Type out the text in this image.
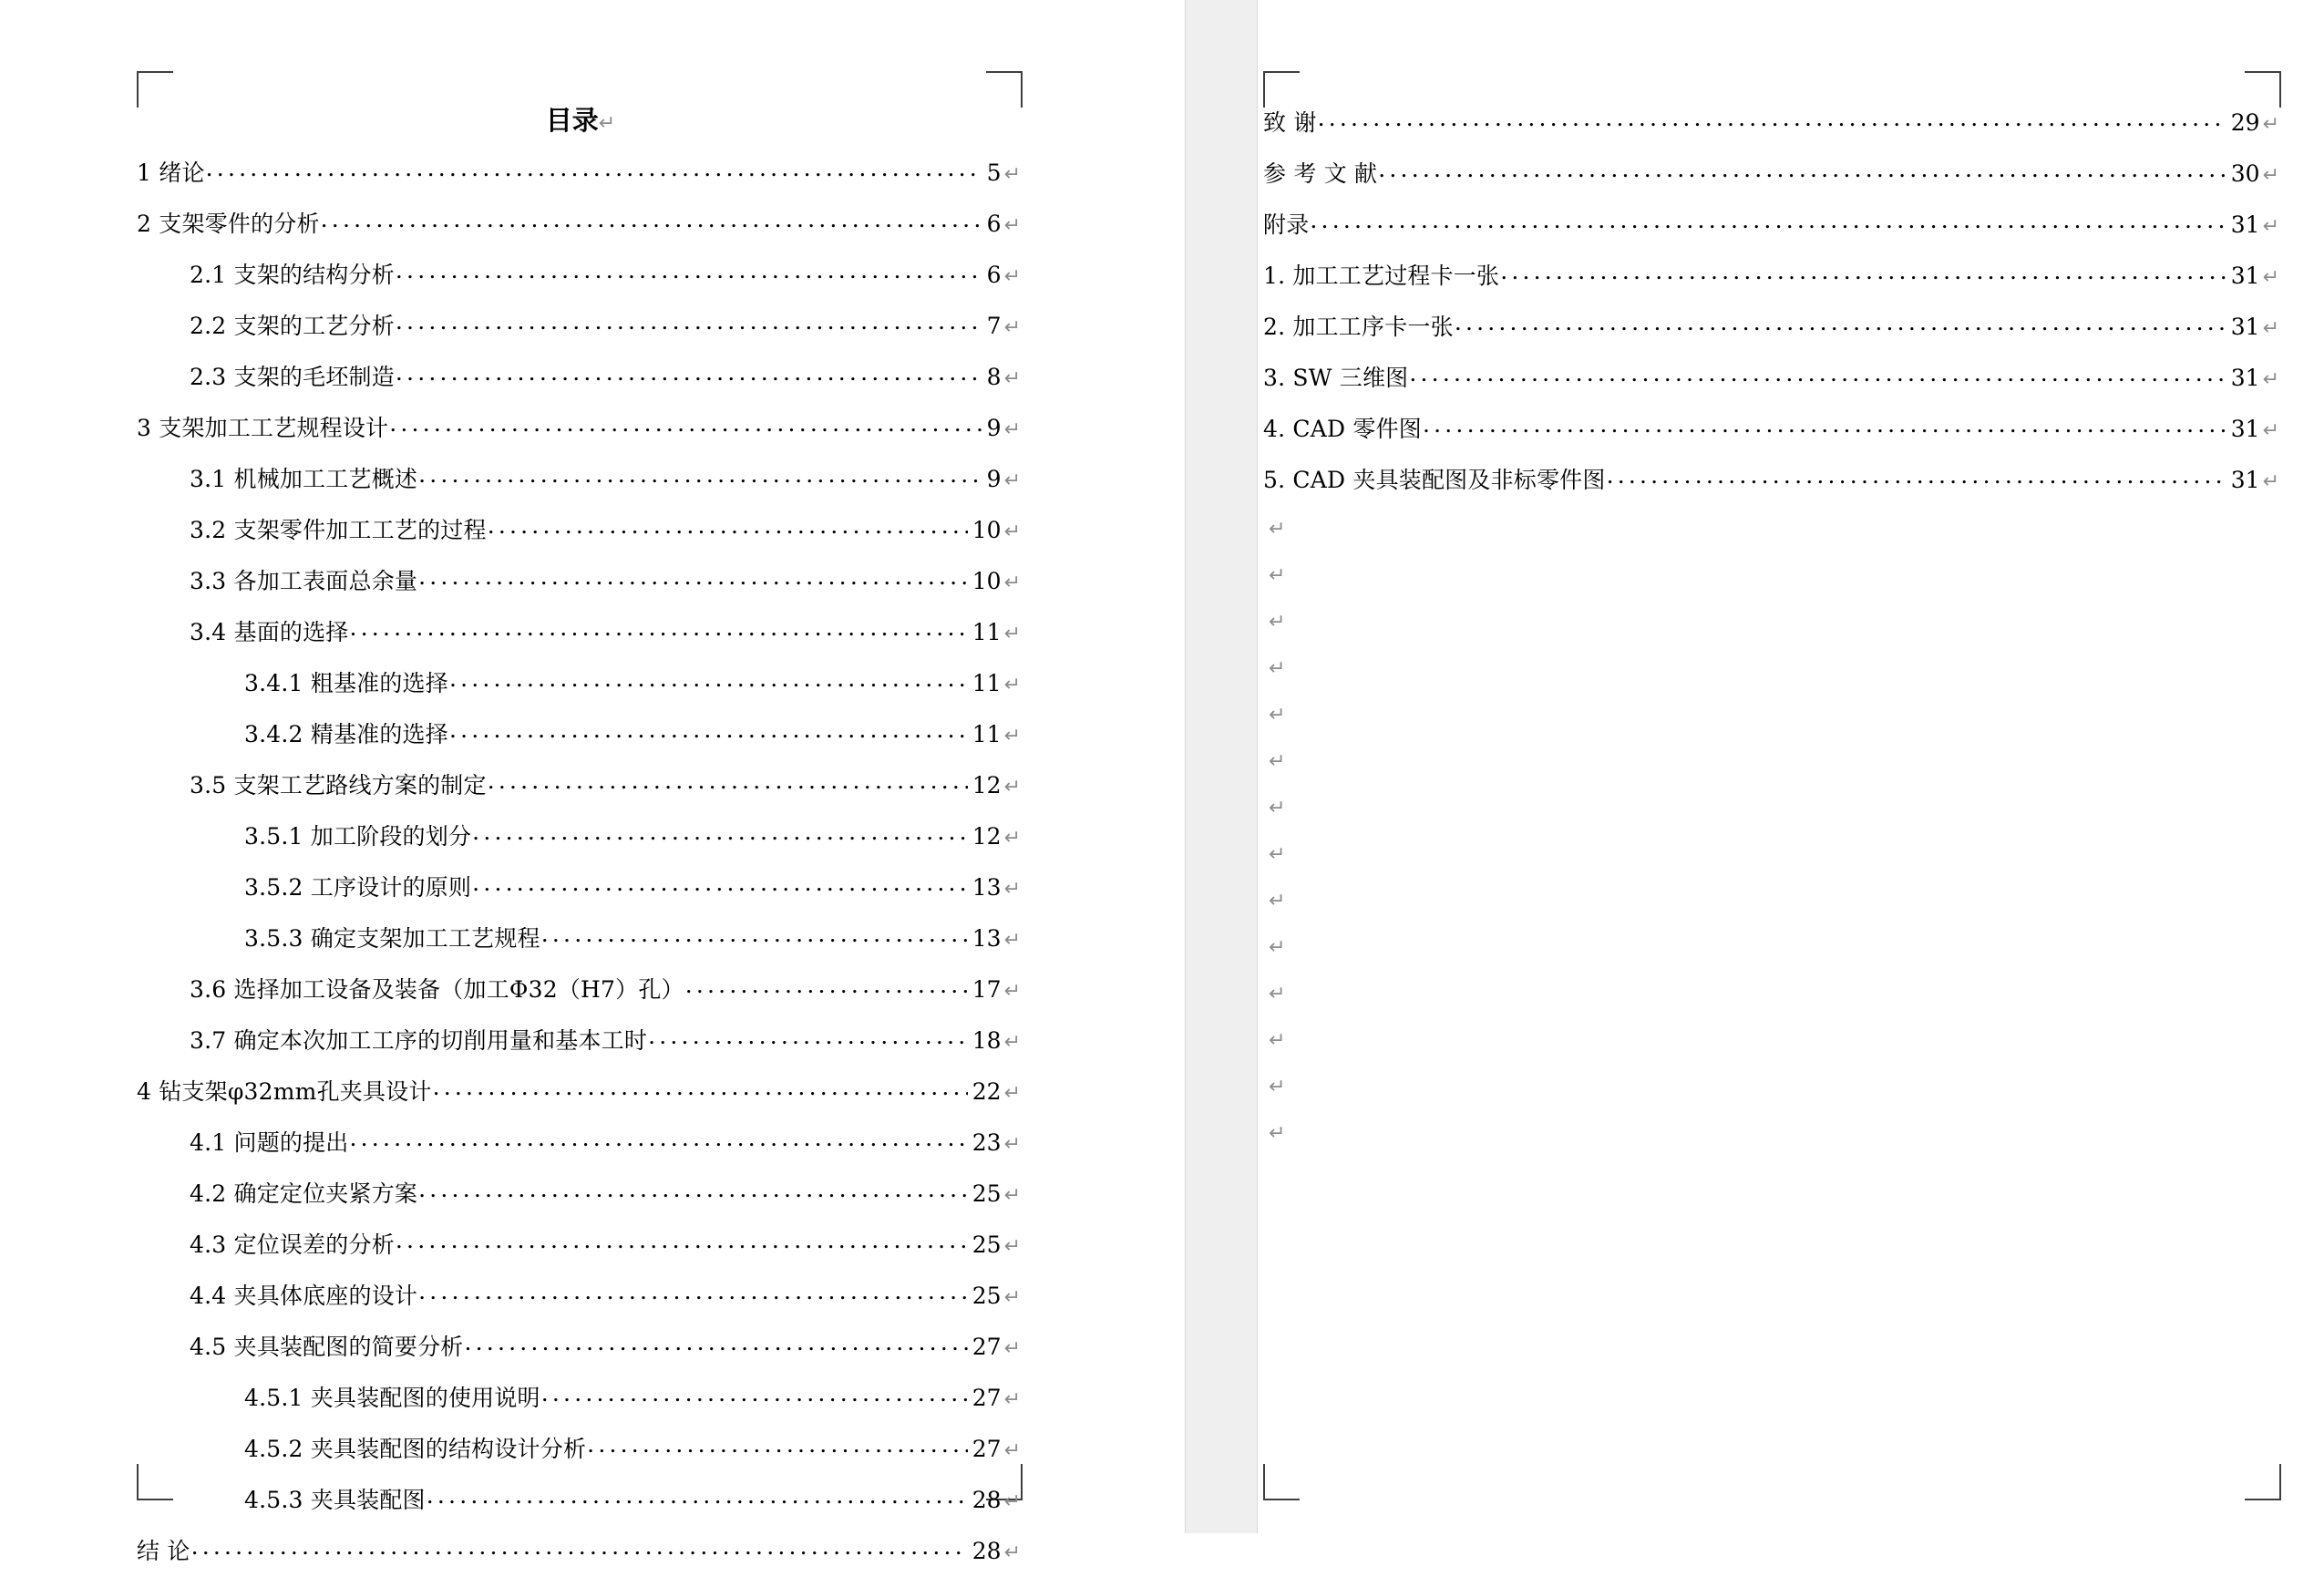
目录↵
1 绪论 .....	5 ↵
2 支架零件的分析 .....	6 ↵
2.1 支架的结构分析 .....	6 ↵
2.2 支架的工艺分析 .....	7 ↵
2.3 支架的毛坯制造 .....	8 ↵
3 支架加工工艺规程设计 .....	9 ↵
3.1 机械加工工艺概述 .....	9 ↵
3.2 支架零件加工工艺的过程 .....	10 ↵
3.3 各加工表面总余量 .....	10 ↵
3.4 基面的选择 .....	11 ↵
3.4.1 粗基准的选择 .....	11 ↵
3.4.2 精基准的选择 .....	11 ↵
3.5 支架工艺路线方案的制定 .....	12 ↵
3.5.1 加工阶段的划分 .....	12 ↵
3.5.2 工序设计的原则 .....	13 ↵
3.5.3 确定支架加工工艺规程 .....	13 ↵
3.6 选择加工设备及装备（加工Φ32（H7）孔） .....	17 ↵
3.7 确定本次加工工序的切削用量和基本工时 .....	18 ↵
4 钻支架φ32mm孔夹具设计 .....	22 ↵
4.1 问题的提出 .....	23 ↵
4.2 确定定位夹紧方案 .....	25 ↵
4.3 定位误差的分析 .....	25 ↵
4.4 夹具体底座的设计 .....	25 ↵
4.5 夹具装配图的简要分析 .....	27 ↵
4.5.1 夹具装配图的使用说明 .....	27 ↵
4.5.2 夹具装配图的结构设计分析 .....	27 ↵
4.5.3 夹具装配图 .....	28 ↵
结 论 .....	28 ↵
致 谢 .....	29 ↵
参 考 文 献 .....	30 ↵
附录 .....	31 ↵
1. 加工工艺过程卡一张 .....	31 ↵
2. 加工工序卡一张 .....	31 ↵
3. SW 三维图 .....	31 ↵
4. CAD 零件图 .....	31 ↵
5. CAD 夹具装配图及非标零件图 .....	31 ↵
↵
↵
↵
↵
↵
↵
↵
↵
↵
↵
↵
↵
↵
↵
